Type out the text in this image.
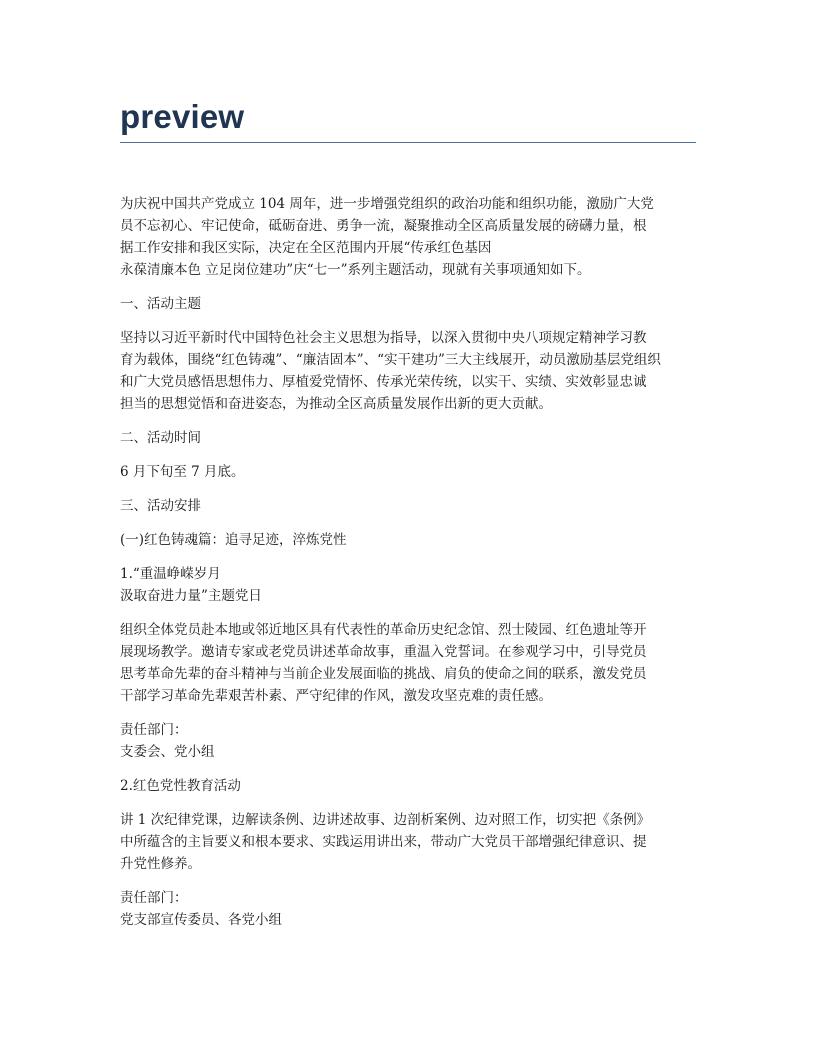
preview

为庆祝中国共产党成立 104 周年，进一步增强党组织的政治功能和组织功能，激励广大党
员不忘初心、牢记使命，砥砺奋进、勇争一流，凝聚推动全区高质量发展的磅礴力量，根
据工作安排和我区实际，决定在全区范围内开展“传承红色基因
永葆清廉本色 立足岗位建功”庆“七一”系列主题活动，现就有关事项通知如下。

一、活动主题

坚持以习近平新时代中国特色社会主义思想为指导，以深入贯彻中央八项规定精神学习教
育为载体，围绕“红色铸魂”、“廉洁固本”、“实干建功”三大主线展开，动员激励基层党组织
和广大党员感悟思想伟力、厚植爱党情怀、传承光荣传统，以实干、实绩、实效彰显忠诚
担当的思想觉悟和奋进姿态，为推动全区高质量发展作出新的更大贡献。

二、活动时间

6 月下旬至 7 月底。

三、活动安排

(一)红色铸魂篇：追寻足迹，淬炼党性

1.“重温峥嵘岁月
汲取奋进力量”主题党日

组织全体党员赴本地或邻近地区具有代表性的革命历史纪念馆、烈士陵园、红色遗址等开
展现场教学。邀请专家或老党员讲述革命故事，重温入党誓词。在参观学习中，引导党员
思考革命先辈的奋斗精神与当前企业发展面临的挑战、肩负的使命之间的联系，激发党员
干部学习革命先辈艰苦朴素、严守纪律的作风，激发攻坚克难的责任感。

责任部门：
支委会、党小组

2.红色党性教育活动

讲 1 次纪律党课，边解读条例、边讲述故事、边剖析案例、边对照工作，切实把《条例》
中所蕴含的主旨要义和根本要求、实践运用讲出来，带动广大党员干部增强纪律意识、提
升党性修养。

责任部门：
党支部宣传委员、各党小组
